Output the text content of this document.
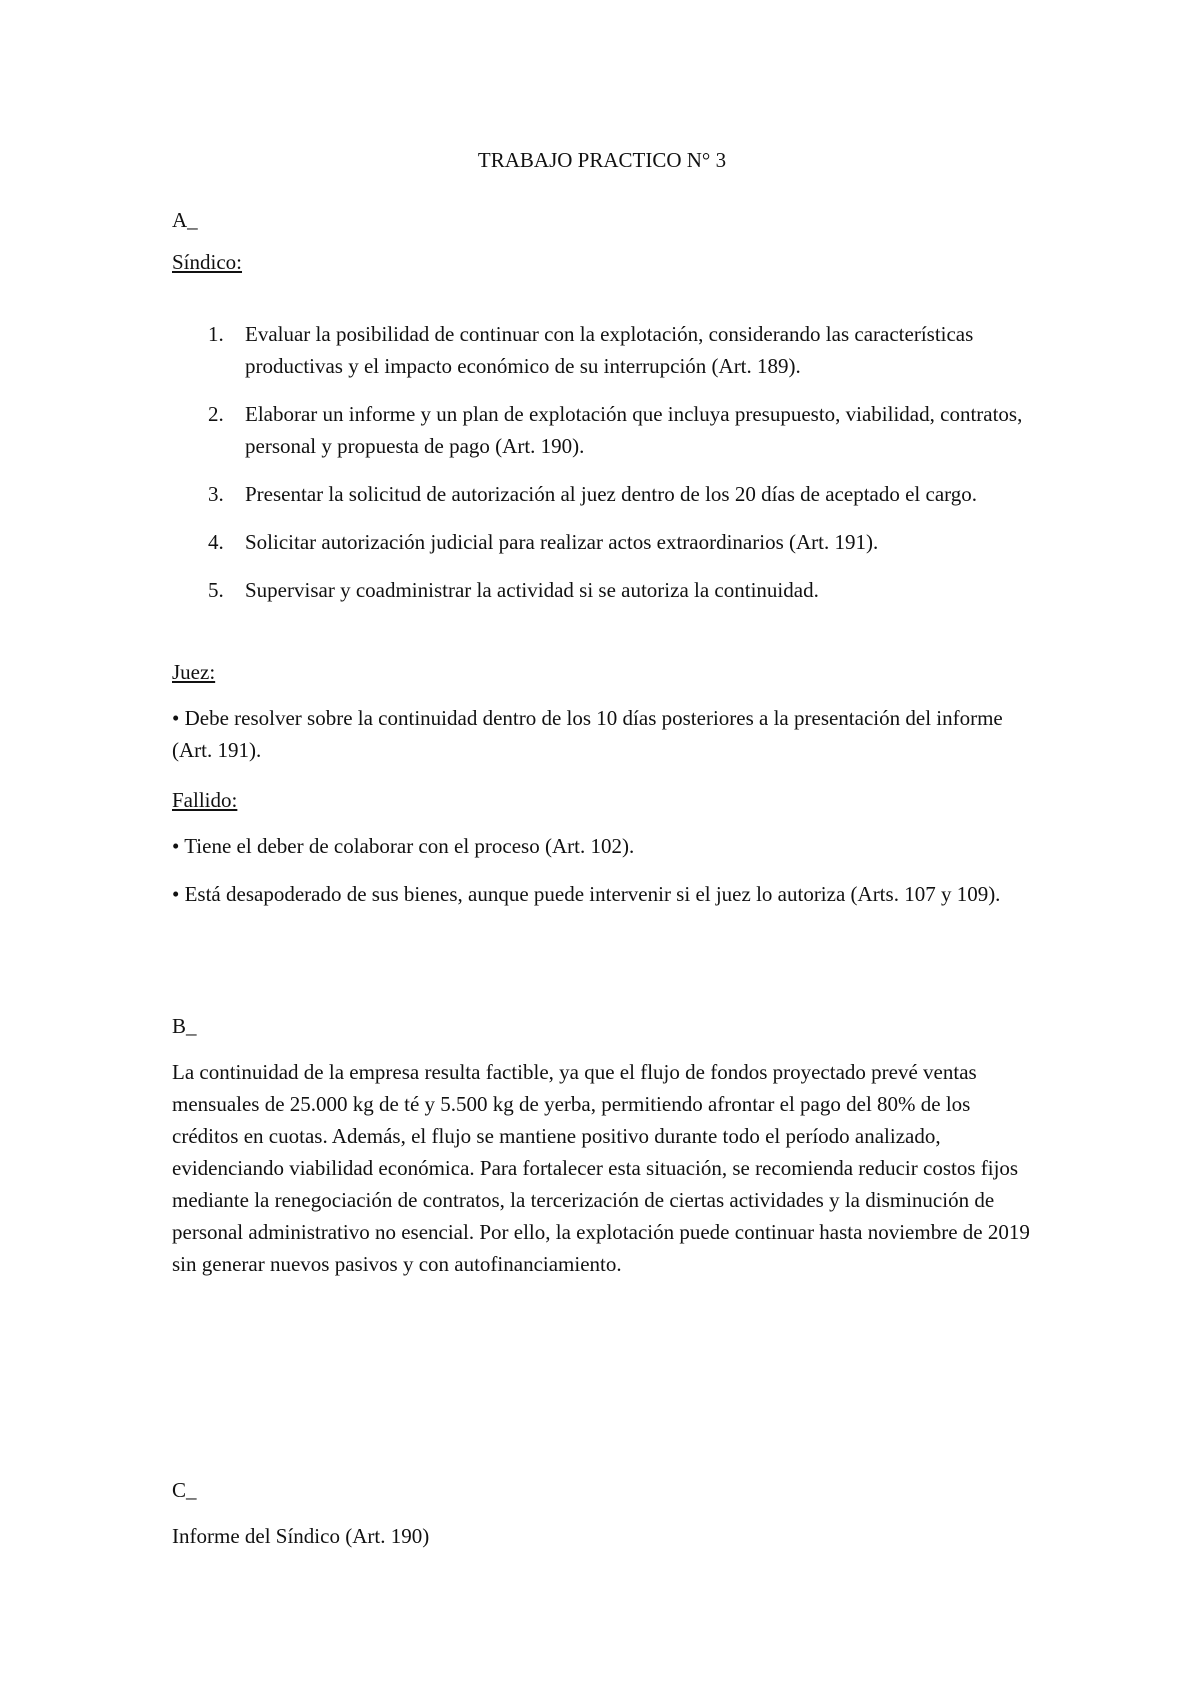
TRABAJO PRACTICO N° 3

A_

Síndico:

1. Evaluar la posibilidad de continuar con la explotación, considerando las características productivas y el impacto económico de su interrupción (Art. 189).
2. Elaborar un informe y un plan de explotación que incluya presupuesto, viabilidad, contratos, personal y propuesta de pago (Art. 190).
3. Presentar la solicitud de autorización al juez dentro de los 20 días de aceptado el cargo.
4. Solicitar autorización judicial para realizar actos extraordinarios (Art. 191).
5. Supervisar y coadministrar la actividad si se autoriza la continuidad.

Juez:

• Debe resolver sobre la continuidad dentro de los 10 días posteriores a la presentación del informe (Art. 191).

Fallido:

• Tiene el deber de colaborar con el proceso (Art. 102).

• Está desapoderado de sus bienes, aunque puede intervenir si el juez lo autoriza (Arts. 107 y 109).

B_

La continuidad de la empresa resulta factible, ya que el flujo de fondos proyectado prevé ventas mensuales de 25.000 kg de té y 5.500 kg de yerba, permitiendo afrontar el pago del 80% de los créditos en cuotas. Además, el flujo se mantiene positivo durante todo el período analizado, evidenciando viabilidad económica. Para fortalecer esta situación, se recomienda reducir costos fijos mediante la renegociación de contratos, la tercerización de ciertas actividades y la disminución de personal administrativo no esencial. Por ello, la explotación puede continuar hasta noviembre de 2019 sin generar nuevos pasivos y con autofinanciamiento.

C_

Informe del Síndico (Art. 190)
